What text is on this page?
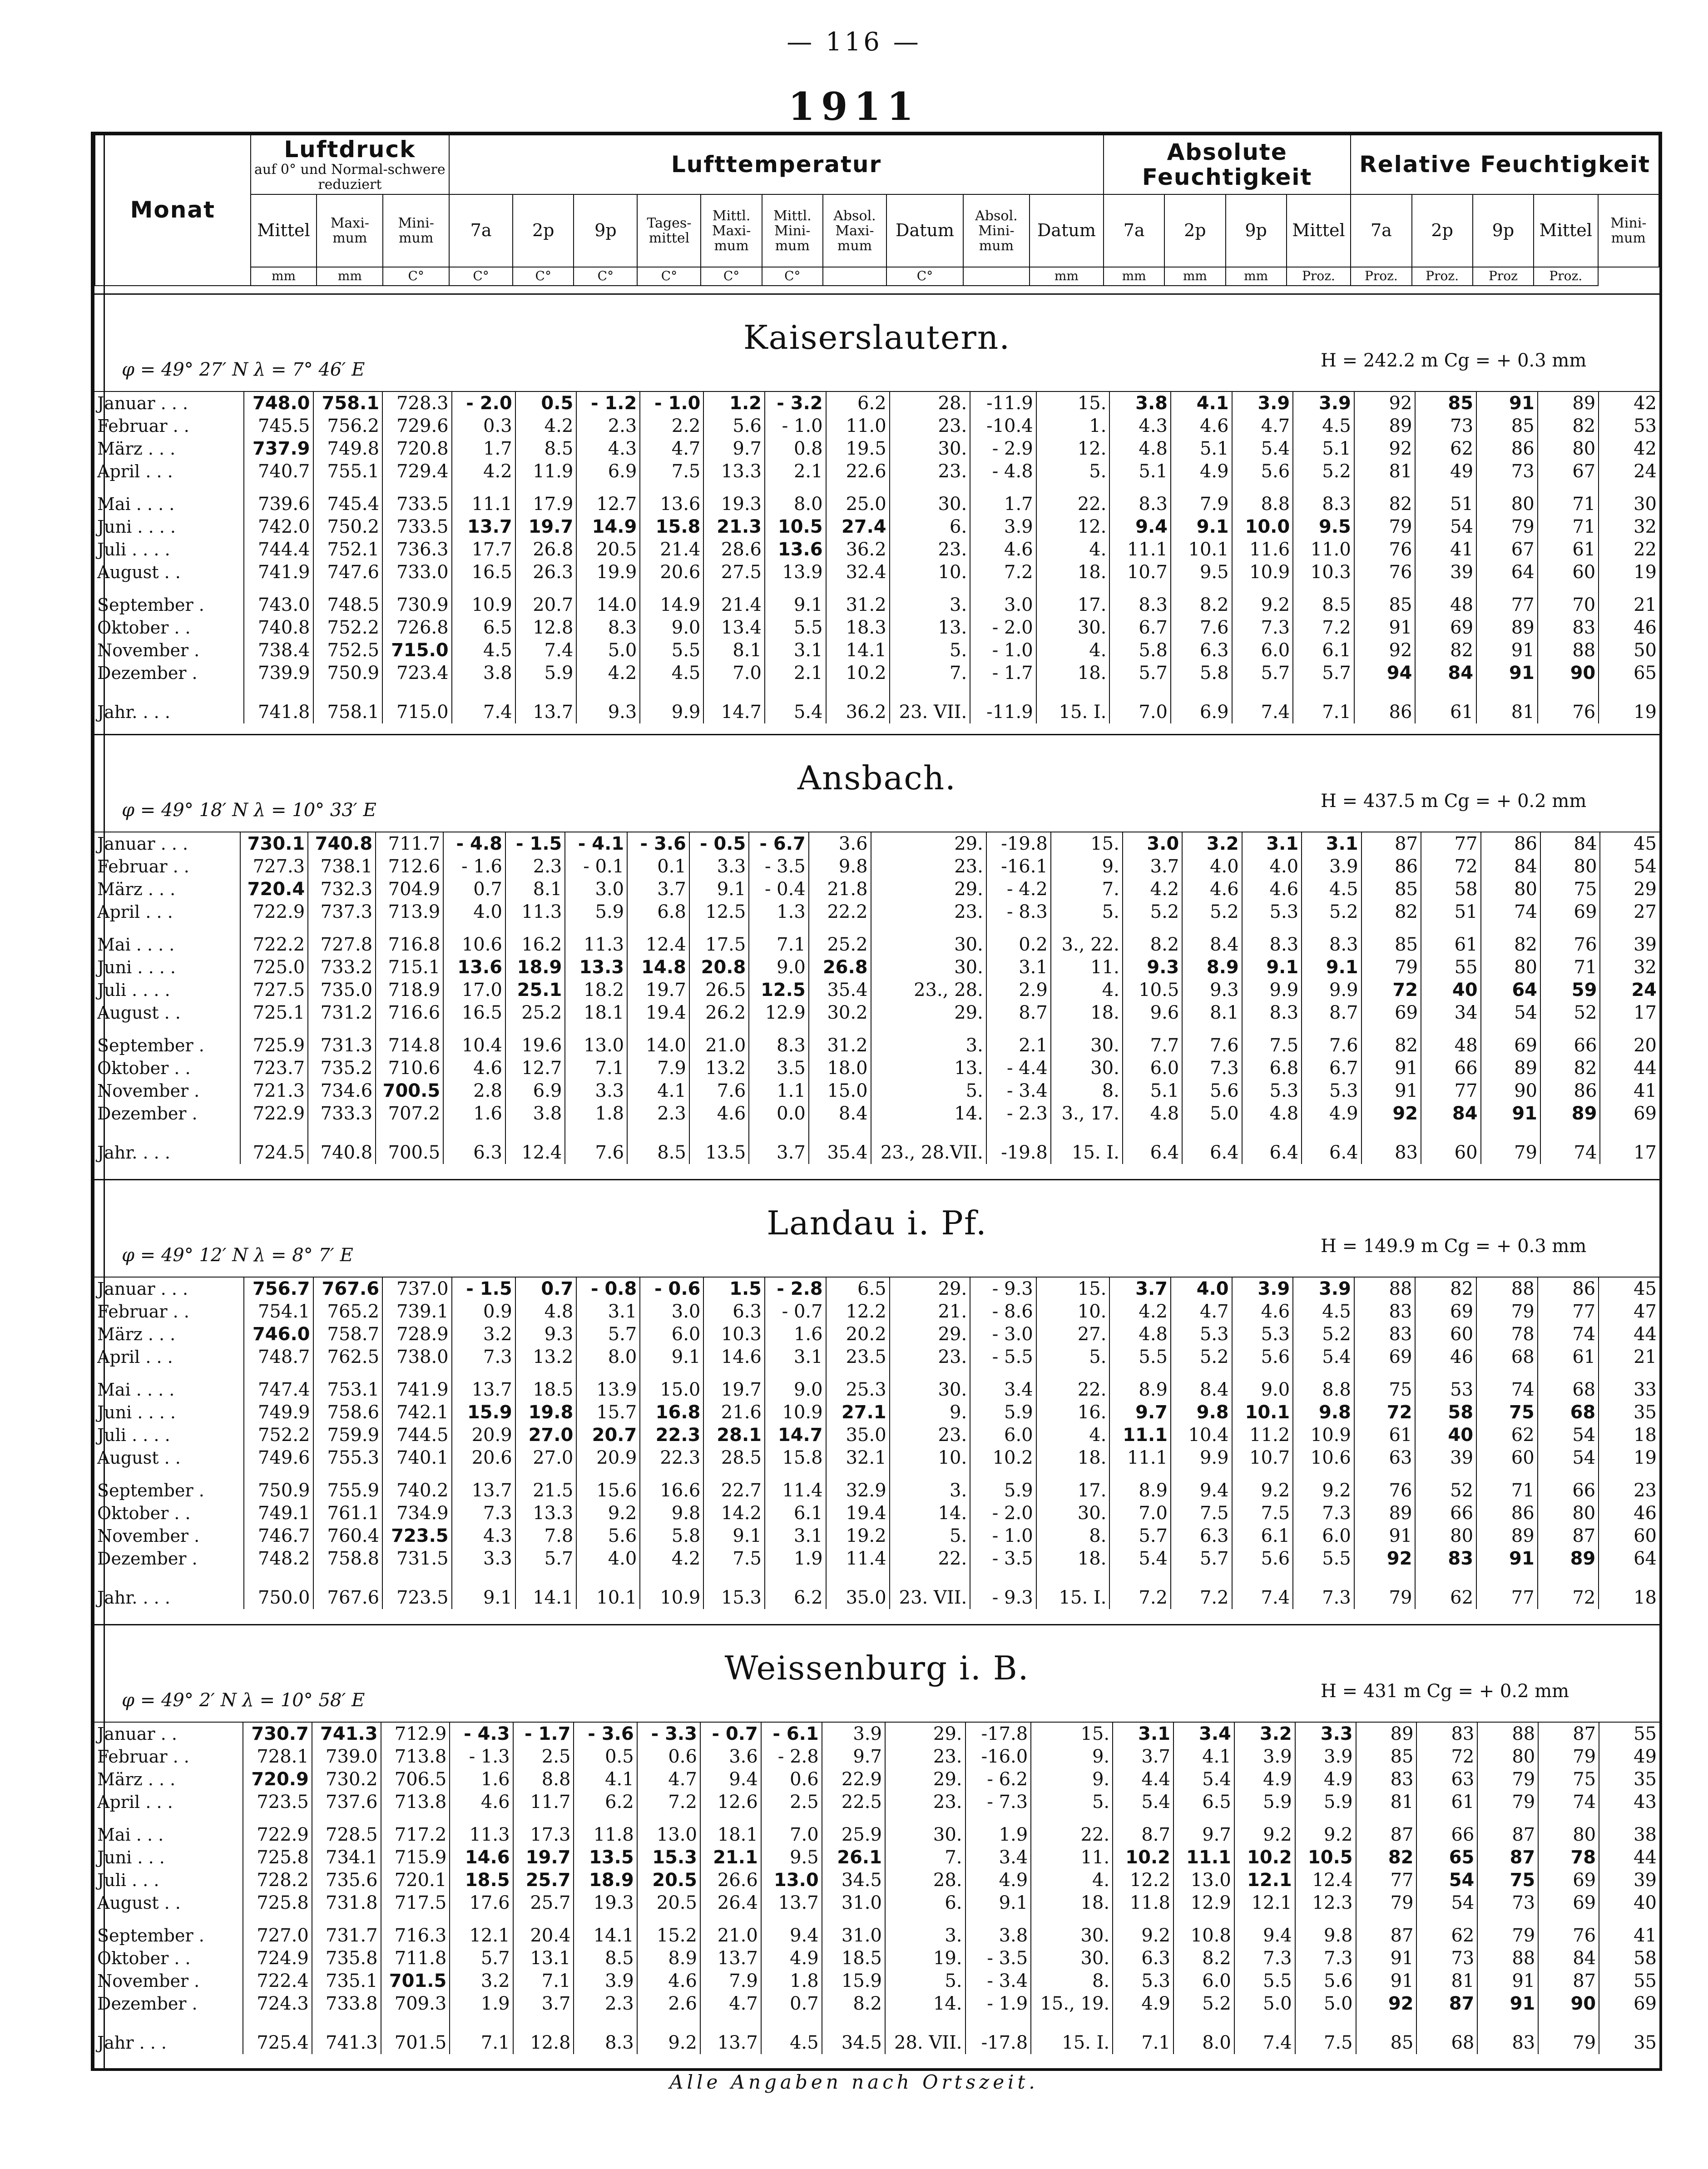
— 116 —
1911
Monat	Luftdruck
auf 0° und Normal-schwere reduziert			Lufttemperatur										Absolute Feuchtigkeit				Relative Feuchtigkeit				
	Mittel	Maxi-mum	Mini-mum	7a	2p	9p	Tages-mittel	Mittl. Maxi-mum	Mittl. Mini-mum	Absol. Maxi-mum	Datum	Absol. Mini-mum	Datum	7a	2p	9p	Mittel	7a	2p	9p	Mittel	Mini-mum
	mm	mm	C°	C°	C°	C°	C°	C°	C°		C°		mm	mm	mm	mm	Proz.	Proz.	Proz.	Proz	Proz.	
Kaiserslautern.
φ = 49° 27′ N λ = 7° 46′ E	H = 242.2 m Cg = + 0.3 mm
Januar . . .	748.0	758.1	728.3	- 2.0	0.5	- 1.2	- 1.0	1.2	- 3.2	6.2	28.	-11.9	15.	3.8	4.1	3.9	3.9	92	85	91	89	42
Februar . .	745.5	756.2	729.6	0.3	4.2	2.3	2.2	5.6	- 1.0	11.0	23.	-10.4	1.	4.3	4.6	4.7	4.5	89	73	85	82	53
März . . .	737.9	749.8	720.8	1.7	8.5	4.3	4.7	9.7	0.8	19.5	30.	- 2.9	12.	4.8	5.1	5.4	5.1	92	62	86	80	42
April . . .	740.7	755.1	729.4	4.2	11.9	6.9	7.5	13.3	2.1	22.6	23.	- 4.8	5.	5.1	4.9	5.6	5.2	81	49	73	67	24

Mai . . . .	739.6	745.4	733.5	11.1	17.9	12.7	13.6	19.3	8.0	25.0	30.	1.7	22.	8.3	7.9	8.8	8.3	82	51	80	71	30
Juni . . . .	742.0	750.2	733.5	13.7	19.7	14.9	15.8	21.3	10.5	27.4	6.	3.9	12.	9.4	9.1	10.0	9.5	79	54	79	71	32
Juli . . . .	744.4	752.1	736.3	17.7	26.8	20.5	21.4	28.6	13.6	36.2	23.	4.6	4.	11.1	10.1	11.6	11.0	76	41	67	61	22
August . .	741.9	747.6	733.0	16.5	26.3	19.9	20.6	27.5	13.9	32.4	10.	7.2	18.	10.7	9.5	10.9	10.3	76	39	64	60	19

September .	743.0	748.5	730.9	10.9	20.7	14.0	14.9	21.4	9.1	31.2	3.	3.0	17.	8.3	8.2	9.2	8.5	85	48	77	70	21
Oktober . .	740.8	752.2	726.8	6.5	12.8	8.3	9.0	13.4	5.5	18.3	13.	- 2.0	30.	6.7	7.6	7.3	7.2	91	69	89	83	46
November .	738.4	752.5	715.0	4.5	7.4	5.0	5.5	8.1	3.1	14.1	5.	- 1.0	4.	5.8	6.3	6.0	6.1	92	82	91	88	50
Dezember .	739.9	750.9	723.4	3.8	5.9	4.2	4.5	7.0	2.1	10.2	7.	- 1.7	18.	5.7	5.8	5.7	5.7	94	84	91	90	65

Jahr. . . .	741.8	758.1	715.0	7.4	13.7	9.3	9.9	14.7	5.4	36.2	23. VII.	-11.9	15. I.	7.0	6.9	7.4	7.1	86	61	81	76	19
Ansbach.
φ = 49° 18′ N λ = 10° 33′ E	H = 437.5 m Cg = + 0.2 mm
Januar . . .	730.1	740.8	711.7	- 4.8	- 1.5	- 4.1	- 3.6	- 0.5	- 6.7	3.6	29.	-19.8	15.	3.0	3.2	3.1	3.1	87	77	86	84	45
Februar . .	727.3	738.1	712.6	- 1.6	2.3	- 0.1	0.1	3.3	- 3.5	9.8	23.	-16.1	9.	3.7	4.0	4.0	3.9	86	72	84	80	54
März . . .	720.4	732.3	704.9	0.7	8.1	3.0	3.7	9.1	- 0.4	21.8	29.	- 4.2	7.	4.2	4.6	4.6	4.5	85	58	80	75	29
April . . .	722.9	737.3	713.9	4.0	11.3	5.9	6.8	12.5	1.3	22.2	23.	- 8.3	5.	5.2	5.2	5.3	5.2	82	51	74	69	27

Mai . . . .	722.2	727.8	716.8	10.6	16.2	11.3	12.4	17.5	7.1	25.2	30.	0.2	3., 22.	8.2	8.4	8.3	8.3	85	61	82	76	39
Juni . . . .	725.0	733.2	715.1	13.6	18.9	13.3	14.8	20.8	9.0	26.8	30.	3.1	11.	9.3	8.9	9.1	9.1	79	55	80	71	32
Juli . . . .	727.5	735.0	718.9	17.0	25.1	18.2	19.7	26.5	12.5	35.4	23., 28.	2.9	4.	10.5	9.3	9.9	9.9	72	40	64	59	24
August . .	725.1	731.2	716.6	16.5	25.2	18.1	19.4	26.2	12.9	30.2	29.	8.7	18.	9.6	8.1	8.3	8.7	69	34	54	52	17

September .	725.9	731.3	714.8	10.4	19.6	13.0	14.0	21.0	8.3	31.2	3.	2.1	30.	7.7	7.6	7.5	7.6	82	48	69	66	20
Oktober . .	723.7	735.2	710.6	4.6	12.7	7.1	7.9	13.2	3.5	18.0	13.	- 4.4	30.	6.0	7.3	6.8	6.7	91	66	89	82	44
November .	721.3	734.6	700.5	2.8	6.9	3.3	4.1	7.6	1.1	15.0	5.	- 3.4	8.	5.1	5.6	5.3	5.3	91	77	90	86	41
Dezember .	722.9	733.3	707.2	1.6	3.8	1.8	2.3	4.6	0.0	8.4	14.	- 2.3	3., 17.	4.8	5.0	4.8	4.9	92	84	91	89	69

Jahr. . . .	724.5	740.8	700.5	6.3	12.4	7.6	8.5	13.5	3.7	35.4	23., 28.VII.	-19.8	15. I.	6.4	6.4	6.4	6.4	83	60	79	74	17
Landau i. Pf.
φ = 49° 12′ N λ = 8° 7′ E	H = 149.9 m Cg = + 0.3 mm
Januar . . .	756.7	767.6	737.0	- 1.5	0.7	- 0.8	- 0.6	1.5	- 2.8	6.5	29.	- 9.3	15.	3.7	4.0	3.9	3.9	88	82	88	86	45
Februar . .	754.1	765.2	739.1	0.9	4.8	3.1	3.0	6.3	- 0.7	12.2	21.	- 8.6	10.	4.2	4.7	4.6	4.5	83	69	79	77	47
März . . .	746.0	758.7	728.9	3.2	9.3	5.7	6.0	10.3	1.6	20.2	29.	- 3.0	27.	4.8	5.3	5.3	5.2	83	60	78	74	44
April . . .	748.7	762.5	738.0	7.3	13.2	8.0	9.1	14.6	3.1	23.5	23.	- 5.5	5.	5.5	5.2	5.6	5.4	69	46	68	61	21

Mai . . . .	747.4	753.1	741.9	13.7	18.5	13.9	15.0	19.7	9.0	25.3	30.	3.4	22.	8.9	8.4	9.0	8.8	75	53	74	68	33
Juni . . . .	749.9	758.6	742.1	15.9	19.8	15.7	16.8	21.6	10.9	27.1	9.	5.9	16.	9.7	9.8	10.1	9.8	72	58	75	68	35
Juli . . . .	752.2	759.9	744.5	20.9	27.0	20.7	22.3	28.1	14.7	35.0	23.	6.0	4.	11.1	10.4	11.2	10.9	61	40	62	54	18
August . .	749.6	755.3	740.1	20.6	27.0	20.9	22.3	28.5	15.8	32.1	10.	10.2	18.	11.1	9.9	10.7	10.6	63	39	60	54	19

September .	750.9	755.9	740.2	13.7	21.5	15.6	16.6	22.7	11.4	32.9	3.	5.9	17.	8.9	9.4	9.2	9.2	76	52	71	66	23
Oktober . .	749.1	761.1	734.9	7.3	13.3	9.2	9.8	14.2	6.1	19.4	14.	- 2.0	30.	7.0	7.5	7.5	7.3	89	66	86	80	46
November .	746.7	760.4	723.5	4.3	7.8	5.6	5.8	9.1	3.1	19.2	5.	- 1.0	8.	5.7	6.3	6.1	6.0	91	80	89	87	60
Dezember .	748.2	758.8	731.5	3.3	5.7	4.0	4.2	7.5	1.9	11.4	22.	- 3.5	18.	5.4	5.7	5.6	5.5	92	83	91	89	64

Jahr. . . .	750.0	767.6	723.5	9.1	14.1	10.1	10.9	15.3	6.2	35.0	23. VII.	- 9.3	15. I.	7.2	7.2	7.4	7.3	79	62	77	72	18
Weissenburg i. B.
φ = 49° 2′ N λ = 10° 58′ E	H = 431 m Cg = + 0.2 mm
Januar . .	730.7	741.3	712.9	- 4.3	- 1.7	- 3.6	- 3.3	- 0.7	- 6.1	3.9	29.	-17.8	15.	3.1	3.4	3.2	3.3	89	83	88	87	55
Februar . .	728.1	739.0	713.8	- 1.3	2.5	0.5	0.6	3.6	- 2.8	9.7	23.	-16.0	9.	3.7	4.1	3.9	3.9	85	72	80	79	49
März . . .	720.9	730.2	706.5	1.6	8.8	4.1	4.7	9.4	0.6	22.9	29.	- 6.2	9.	4.4	5.4	4.9	4.9	83	63	79	75	35
April . . .	723.5	737.6	713.8	4.6	11.7	6.2	7.2	12.6	2.5	22.5	23.	- 7.3	5.	5.4	6.5	5.9	5.9	81	61	79	74	43

Mai . . .	722.9	728.5	717.2	11.3	17.3	11.8	13.0	18.1	7.0	25.9	30.	1.9	22.	8.7	9.7	9.2	9.2	87	66	87	80	38
Juni . . .	725.8	734.1	715.9	14.6	19.7	13.5	15.3	21.1	9.5	26.1	7.	3.4	11.	10.2	11.1	10.2	10.5	82	65	87	78	44
Juli . . .	728.2	735.6	720.1	18.5	25.7	18.9	20.5	26.6	13.0	34.5	28.	4.9	4.	12.2	13.0	12.1	12.4	77	54	75	69	39
August . .	725.8	731.8	717.5	17.6	25.7	19.3	20.5	26.4	13.7	31.0	6.	9.1	18.	11.8	12.9	12.1	12.3	79	54	73	69	40

September .	727.0	731.7	716.3	12.1	20.4	14.1	15.2	21.0	9.4	31.0	3.	3.8	30.	9.2	10.8	9.4	9.8	87	62	79	76	41
Oktober . .	724.9	735.8	711.8	5.7	13.1	8.5	8.9	13.7	4.9	18.5	19.	- 3.5	30.	6.3	8.2	7.3	7.3	91	73	88	84	58
November .	722.4	735.1	701.5	3.2	7.1	3.9	4.6	7.9	1.8	15.9	5.	- 3.4	8.	5.3	6.0	5.5	5.6	91	81	91	87	55
Dezember .	724.3	733.8	709.3	1.9	3.7	2.3	2.6	4.7	0.7	8.2	14.	- 1.9	15., 19.	4.9	5.2	5.0	5.0	92	87	91	90	69

Jahr . . .	725.4	741.3	701.5	7.1	12.8	8.3	9.2	13.7	4.5	34.5	28. VII.	-17.8	15. I.	7.1	8.0	7.4	7.5	85	68	83	79	35
Alle Angaben nach Ortszeit.
